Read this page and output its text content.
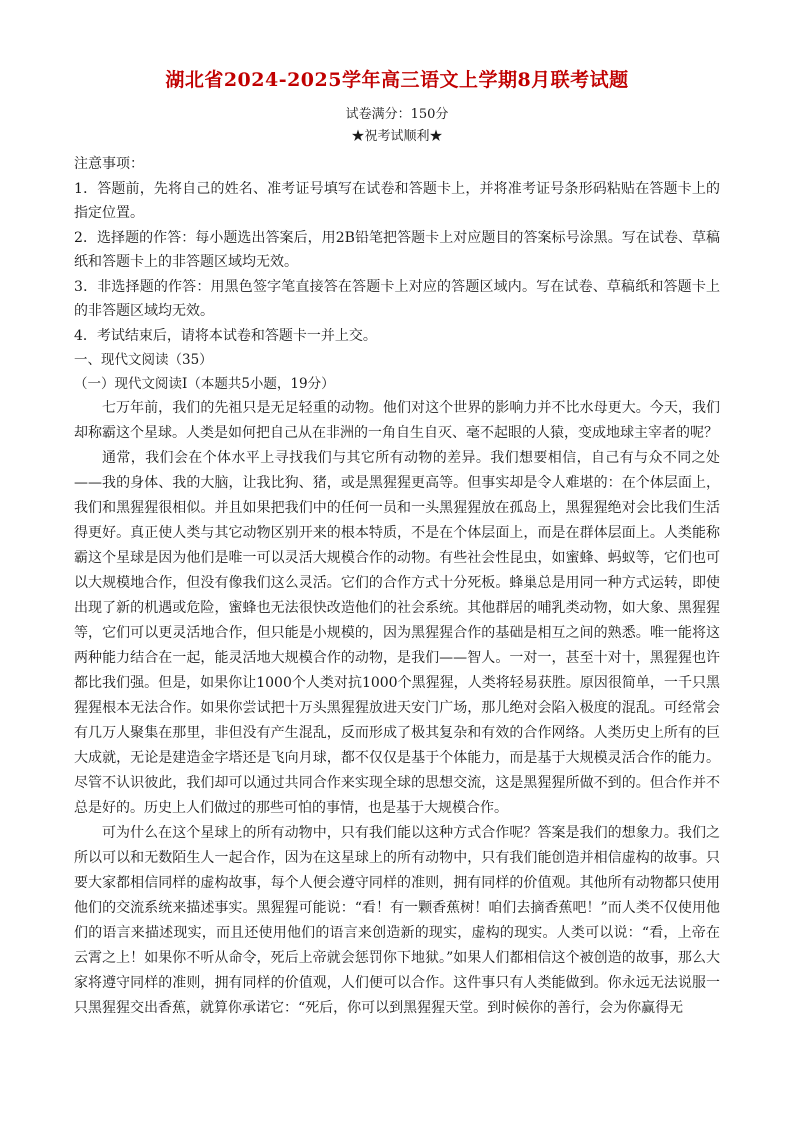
湖北省2024-2025学年高三语文上学期8月联考试题
试卷满分：150分
★祝考试顺利★
注意事项：
1．答题前，先将自己的姓名、准考证号填写在试卷和答题卡上，并将准考证号条形码粘贴在答题卡上的指定位置。
2．选择题的作答：每小题选出答案后，用2B铅笔把答题卡上对应题目的答案标号涂黑。写在试卷、草稿纸和答题卡上的非答题区域均无效。
3．非选择题的作答：用黑色签字笔直接答在答题卡上对应的答题区域内。写在试卷、草稿纸和答题卡上的非答题区域均无效。
4．考试结束后，请将本试卷和答题卡一并上交。
一、现代文阅读（35）
（一）现代文阅读Ⅰ（本题共5小题，19分）

七万年前，我们的先祖只是无足轻重的动物。他们对这个世界的影响力并不比水母更大。今天，我们却称霸这个星球。人类是如何把自己从在非洲的一角自生自灭、毫不起眼的人猿，变成地球主宰者的呢？

通常，我们会在个体水平上寻找我们与其它所有动物的差异。我们想要相信，自己有与众不同之处——我的身体、我的大脑，让我比狗、猪，或是黑猩猩更高等。但事实却是令人难堪的：在个体层面上，我们和黑猩猩很相似。并且如果把我们中的任何一员和一头黑猩猩放在孤岛上，黑猩猩绝对会比我们生活得更好。真正使人类与其它动物区别开来的根本特质，不是在个体层面上，而是在群体层面上。人类能称霸这个星球是因为他们是唯一可以灵活大规模合作的动物。有些社会性昆虫，如蜜蜂、蚂蚁等，它们也可以大规模地合作，但没有像我们这么灵活。它们的合作方式十分死板。蜂巢总是用同一种方式运转，即使出现了新的机遇或危险，蜜蜂也无法很快改造他们的社会系统。其他群居的哺乳类动物，如大象、黑猩猩等，它们可以更灵活地合作，但只能是小规模的，因为黑猩猩合作的基础是相互之间的熟悉。唯一能将这两种能力结合在一起，能灵活地大规模合作的动物，是我们——智人。一对一，甚至十对十，黑猩猩也许都比我们强。但是，如果你让1000个人类对抗1000个黑猩猩，人类将轻易获胜。原因很简单，一千只黑猩猩根本无法合作。如果你尝试把十万头黑猩猩放进天安门广场，那儿绝对会陷入极度的混乱。可经常会有几万人聚集在那里，非但没有产生混乱，反而形成了极其复杂和有效的合作网络。人类历史上所有的巨大成就，无论是建造金字塔还是飞向月球，都不仅仅是基于个体能力，而是基于大规模灵活合作的能力。尽管不认识彼此，我们却可以通过共同合作来实现全球的思想交流，这是黑猩猩所做不到的。但合作并不总是好的。历史上人们做过的那些可怕的事情，也是基于大规模合作。

可为什么在这个星球上的所有动物中，只有我们能以这种方式合作呢？答案是我们的想象力。我们之所以可以和无数陌生人一起合作，因为在这星球上的所有动物中，只有我们能创造并相信虚构的故事。只要大家都相信同样的虚构故事，每个人便会遵守同样的准则，拥有同样的价值观。其他所有动物都只使用他们的交流系统来描述事实。黑猩猩可能说：“看！有一颗香蕉树！咱们去摘香蕉吧！”而人类不仅使用他们的语言来描述现实，而且还使用他们的语言来创造新的现实，虚构的现实。人类可以说：“看，上帝在云霄之上！如果你不听从命令，死后上帝就会惩罚你下地狱。”如果人们都相信这个被创造的故事，那么大家将遵守同样的准则，拥有同样的价值观，人们便可以合作。这件事只有人类能做到。你永远无法说服一只黑猩猩交出香蕉，就算你承诺它：“死后，你可以到黑猩猩天堂。到时候你的善行，会为你赢得无
